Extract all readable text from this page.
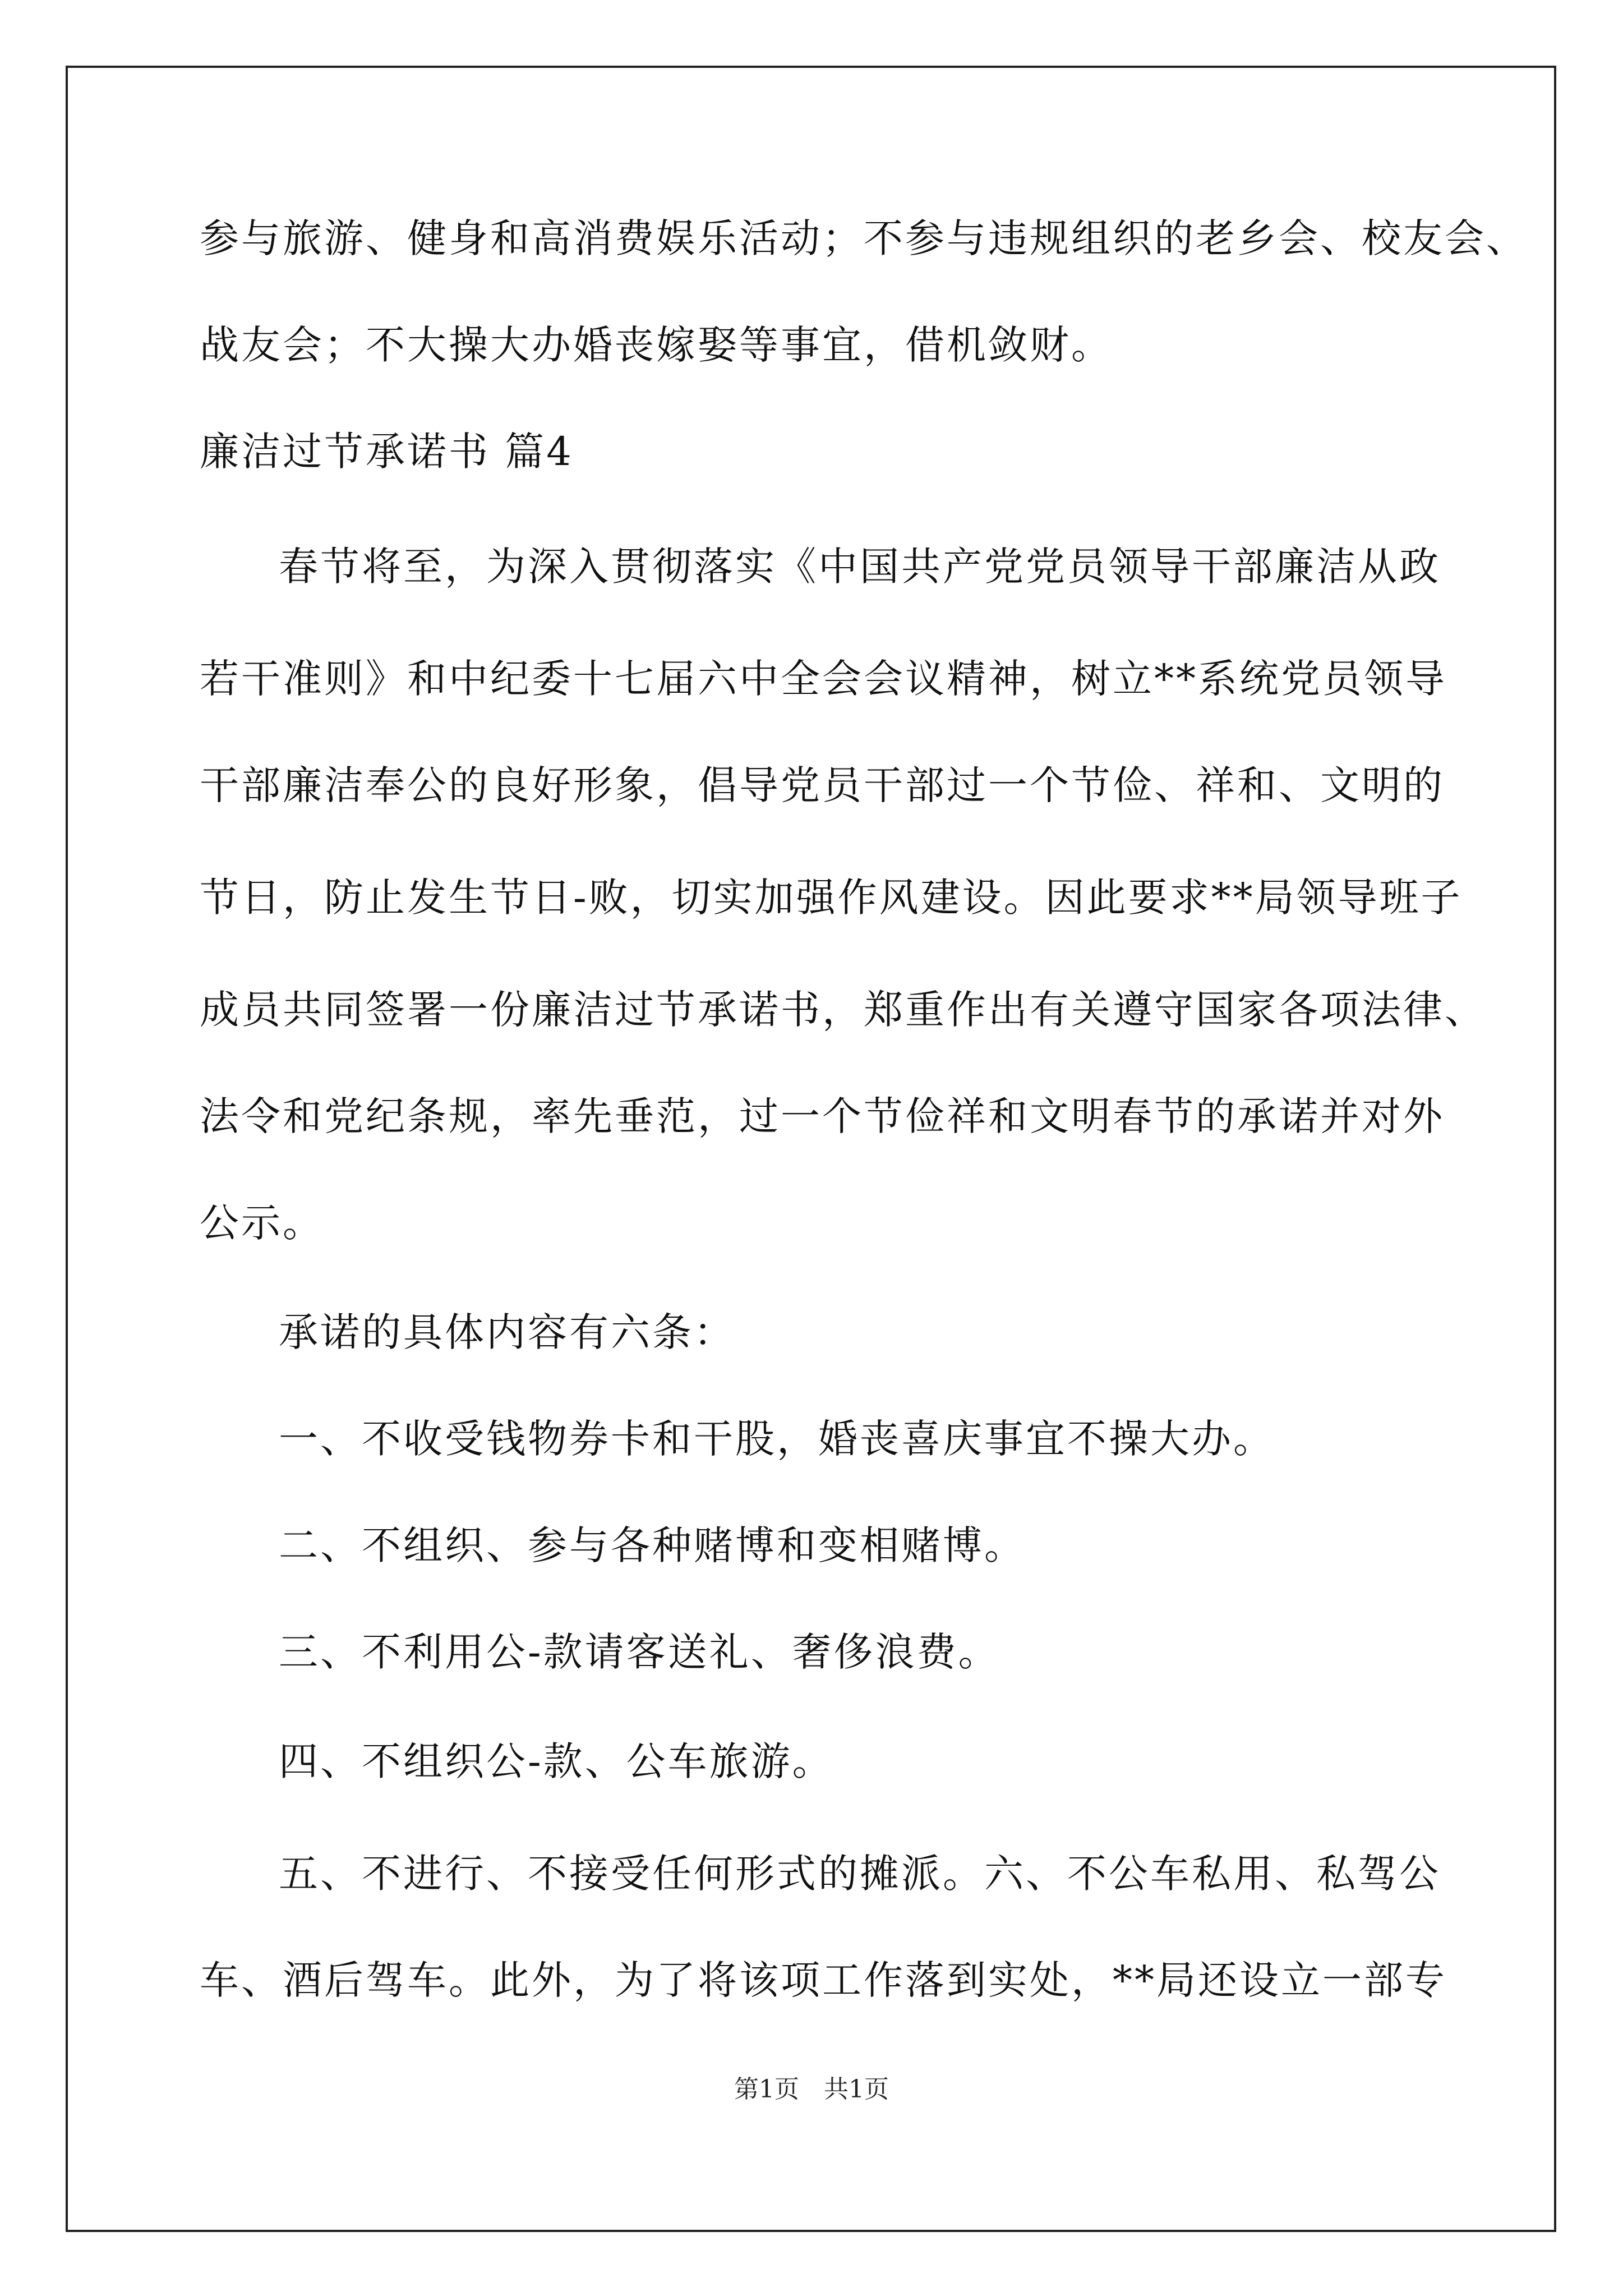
参与旅游、健身和高消费娱乐活动；不参与违规组织的老乡会、校友会、
战友会；不大操大办婚丧嫁娶等事宜，借机敛财。
廉洁过节承诺书 篇4
春节将至，为深入贯彻落实《中国共产党党员领导干部廉洁从政
若干准则》和中纪委十七届六中全会会议精神，树立**系统党员领导
干部廉洁奉公的良好形象，倡导党员干部过一个节俭、祥和、文明的
节日，防止发生节日-败，切实加强作风建设。因此要求**局领导班子
成员共同签署一份廉洁过节承诺书，郑重作出有关遵守国家各项法律、
法令和党纪条规，率先垂范，过一个节俭祥和文明春节的承诺并对外
公示。
承诺的具体内容有六条：
一、不收受钱物券卡和干股，婚丧喜庆事宜不操大办。
二、不组织、参与各种赌博和变相赌博。
三、不利用公-款请客送礼、奢侈浪费。
四、不组织公-款、公车旅游。
五、不进行、不接受任何形式的摊派。六、不公车私用、私驾公
车、酒后驾车。此外，为了将该项工作落到实处，**局还设立一部专
第1页　共1页
